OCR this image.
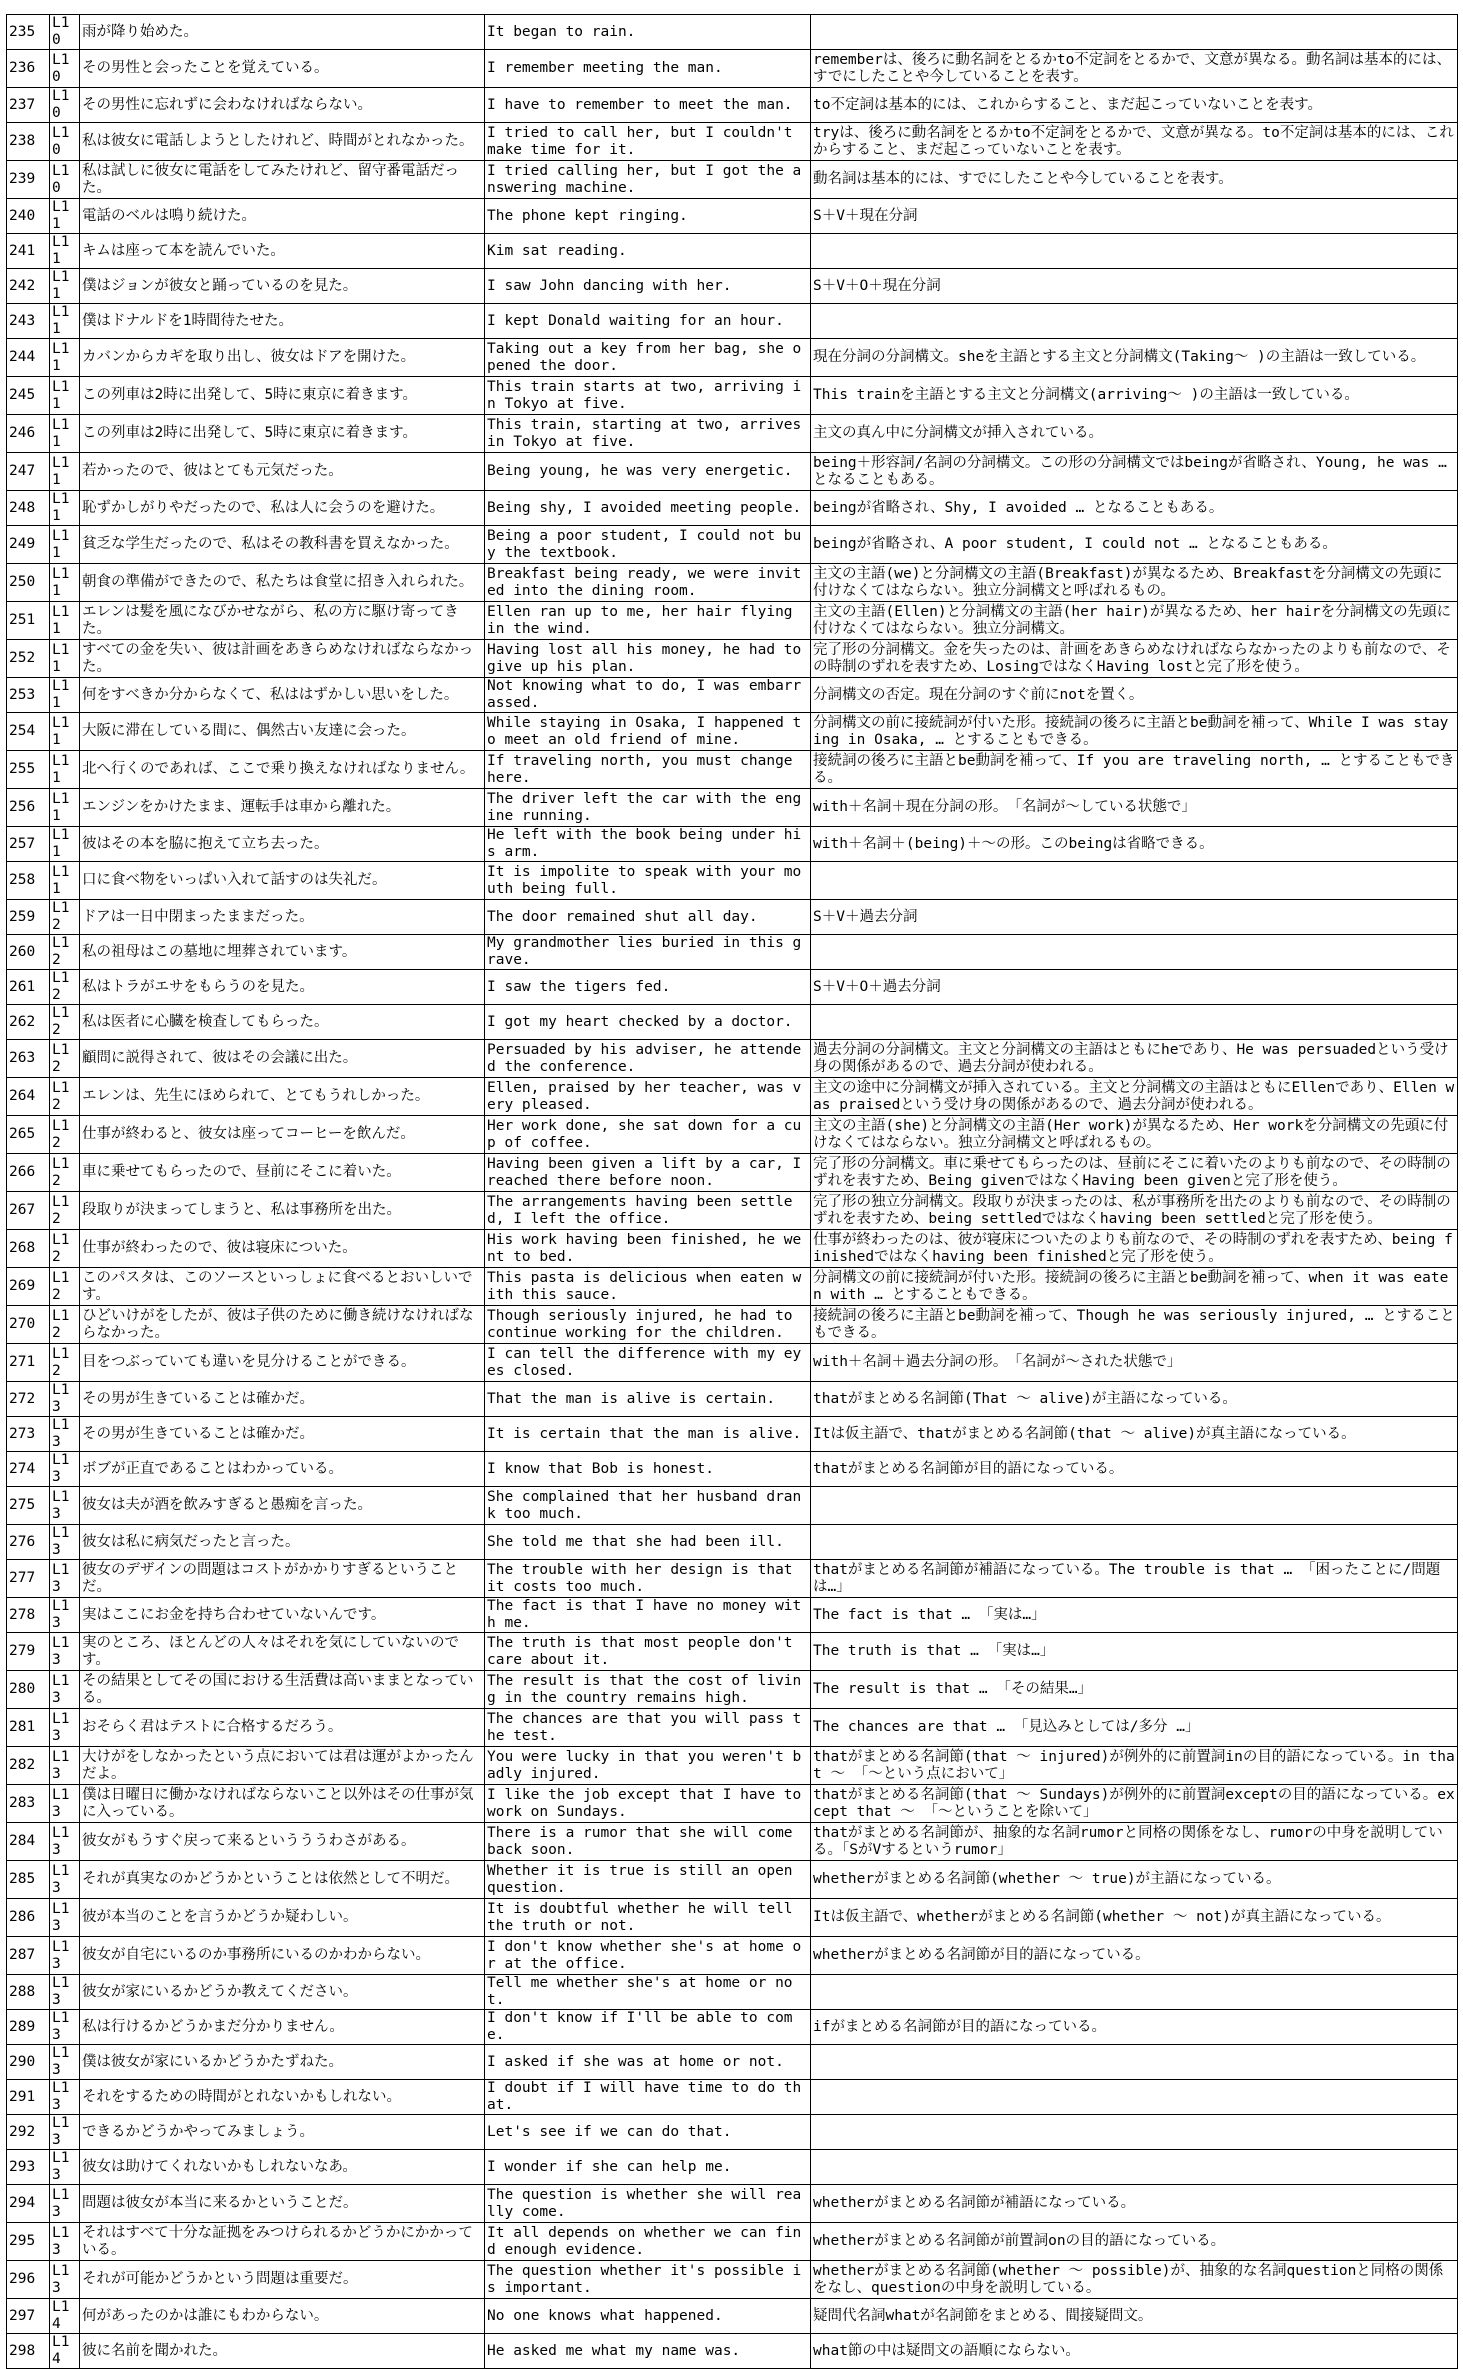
235	L10	雨が降り始めた。	It began to rain.	
236	L10	その男性と会ったことを覚えている。	I remember meeting the man.	rememberは、後ろに動名詞をとるかto不定詞をとるかで、文意が異なる。動名詞は基本的には、すでにしたことや今していることを表す。
237	L10	その男性に忘れずに会わなければならない。	I have to remember to meet the man.	to不定詞は基本的には、これからすること、まだ起こっていないことを表す。
238	L10	私は彼女に電話しようとしたけれど、時間がとれなかった。	I tried to call her, but I couldn't make time for it.	tryは、後ろに動名詞をとるかto不定詞をとるかで、文意が異なる。to不定詞は基本的には、これからすること、まだ起こっていないことを表す。
239	L10	私は試しに彼女に電話をしてみたけれど、留守番電話だった。	I tried calling her, but I got the answering machine.	動名詞は基本的には、すでにしたことや今していることを表す。
240	L11	電話のベルは鳴り続けた。	The phone kept ringing.	S＋V＋現在分詞
241	L11	キムは座って本を読んでいた。	Kim sat reading.	
242	L11	僕はジョンが彼女と踊っているのを見た。	I saw John dancing with her.	S＋V＋O＋現在分詞
243	L11	僕はドナルドを1時間待たせた。	I kept Donald waiting for an hour.	
244	L11	カバンからカギを取り出し、彼女はドアを開けた。	Taking out a key from her bag, she opened the door.	現在分詞の分詞構文。sheを主語とする主文と分詞構文(Taking～ )の主語は一致している。
245	L11	この列車は2時に出発して、5時に東京に着きます。	This train starts at two, arriving in Tokyo at five.	This trainを主語とする主文と分詞構文(arriving～ )の主語は一致している。
246	L11	この列車は2時に出発して、5時に東京に着きます。	This train, starting at two, arrives in Tokyo at five.	主文の真ん中に分詞構文が挿入されている。
247	L11	若かったので、彼はとても元気だった。	Being young, he was very energetic.	being＋形容詞/名詞の分詞構文。この形の分詞構文ではbeingが省略され、Young, he was … となることもある。
248	L11	恥ずかしがりやだったので、私は人に会うのを避けた。	Being shy, I avoided meeting people.	beingが省略され、Shy, I avoided … となることもある。
249	L11	貧乏な学生だったので、私はその教科書を買えなかった。	Being a poor student, I could not buy the textbook.	beingが省略され、A poor student, I could not … となることもある。
250	L11	朝食の準備ができたので、私たちは食堂に招き入れられた。	Breakfast being ready, we were invited into the dining room.	主文の主語(we)と分詞構文の主語(Breakfast)が異なるため、Breakfastを分詞構文の先頭に付けなくてはならない。独立分詞構文と呼ばれるもの。
251	L11	エレンは髪を風になびかせながら、私の方に駆け寄ってきた。	Ellen ran up to me, her hair flying in the wind.	主文の主語(Ellen)と分詞構文の主語(her hair)が異なるため、her hairを分詞構文の先頭に付けなくてはならない。独立分詞構文。
252	L11	すべての金を失い、彼は計画をあきらめなければならなかった。	Having lost all his money, he had to give up his plan.	完了形の分詞構文。金を失ったのは、計画をあきらめなければならなかったのよりも前なので、その時制のずれを表すため、LosingではなくHaving lostと完了形を使う。
253	L11	何をすべきか分からなくて、私ははずかしい思いをした。	Not knowing what to do, I was embarrassed.	分詞構文の否定。現在分詞のすぐ前にnotを置く。
254	L11	大阪に滞在している間に、偶然古い友達に会った。	While staying in Osaka, I happened to meet an old friend of mine.	分詞構文の前に接続詞が付いた形。接続詞の後ろに主語とbe動詞を補って、While I was staying in Osaka, … とすることもできる。
255	L11	北へ行くのであれば、ここで乗り換えなければなりません。	If traveling north, you must change here.	接続詞の後ろに主語とbe動詞を補って、If you are traveling north, … とすることもできる。
256	L11	エンジンをかけたまま、運転手は車から離れた。	The driver left the car with the engine running.	with＋名詞＋現在分詞の形。　「名詞が～している状態で」
257	L11	彼はその本を脇に抱えて立ち去った。	He left with the book being under his arm.	with＋名詞＋(being)＋～の形。このbeingは省略できる。
258	L11	口に食べ物をいっぱい入れて話すのは失礼だ。	It is impolite to speak with your mouth being full.	
259	L12	ドアは一日中閉まったままだった。	The door remained shut all day.	S＋V＋過去分詞
260	L12	私の祖母はこの墓地に埋葬されています。	My grandmother lies buried in this grave.	
261	L12	私はトラがエサをもらうのを見た。	I saw the tigers fed.	S＋V＋O＋過去分詞
262	L12	私は医者に心臓を検査してもらった。	I got my heart checked by a doctor.	
263	L12	顧問に説得されて、彼はその会議に出た。	Persuaded by his adviser, he attended the conference.	過去分詞の分詞構文。主文と分詞構文の主語はともにheであり、He was persuadedという受け身の関係があるので、過去分詞が使われる。
264	L12	エレンは、先生にほめられて、とてもうれしかった。	Ellen, praised by her teacher, was very pleased.	主文の途中に分詞構文が挿入されている。主文と分詞構文の主語はともにEllenであり、Ellen was praisedという受け身の関係があるので、過去分詞が使われる。
265	L12	仕事が終わると、彼女は座ってコーヒーを飲んだ。	Her work done, she sat down for a cup of coffee.	主文の主語(she)と分詞構文の主語(Her work)が異なるため、Her workを分詞構文の先頭に付けなくてはならない。独立分詞構文と呼ばれるもの。
266	L12	車に乗せてもらったので、昼前にそこに着いた。	Having been given a lift by a car, I reached there before noon.	完了形の分詞構文。車に乗せてもらったのは、昼前にそこに着いたのよりも前なので、その時制のずれを表すため、Being givenではなくHaving been givenと完了形を使う。
267	L12	段取りが決まってしまうと、私は事務所を出た。	The arrangements having been settled, I left the office.	完了形の独立分詞構文。段取りが決まったのは、私が事務所を出たのよりも前なので、その時制のずれを表すため、being settledではなくhaving been settledと完了形を使う。
268	L12	仕事が終わったので、彼は寝床についた。	His work having been finished, he went to bed.	仕事が終わったのは、彼が寝床についたのよりも前なので、その時制のずれを表すため、being finishedではなくhaving been finishedと完了形を使う。
269	L12	このパスタは、このソースといっしょに食べるとおいしいです。	This pasta is delicious when eaten with this sauce.	分詞構文の前に接続詞が付いた形。接続詞の後ろに主語とbe動詞を補って、when it was eaten with … とすることもできる。
270	L12	ひどいけがをしたが、彼は子供のために働き続けなければならなかった。	Though seriously injured, he had to continue working for the children.	接続詞の後ろに主語とbe動詞を補って、Though he was seriously injured, … とすることもできる。
271	L12	目をつぶっていても違いを見分けることができる。	I can tell the difference with my eyes closed.	with＋名詞＋過去分詞の形。　「名詞が～された状態で」
272	L13	その男が生きていることは確かだ。	That the man is alive is certain.	thatがまとめる名詞節(That ～ alive)が主語になっている。
273	L13	その男が生きていることは確かだ。	It is certain that the man is alive.	Itは仮主語で、thatがまとめる名詞節(that ～ alive)が真主語になっている。
274	L13	ボブが正直であることはわかっている。	I know that Bob is honest.	thatがまとめる名詞節が目的語になっている。
275	L13	彼女は夫が酒を飲みすぎると愚痴を言った。	She complained that her husband drank too much.	
276	L13	彼女は私に病気だったと言った。	She told me that she had been ill.	
277	L13	彼女のデザインの問題はコストがかかりすぎるということだ。	The trouble with her design is that it costs too much.	thatがまとめる名詞節が補語になっている。The trouble is that … 「困ったことに/問題は…」
278	L13	実はここにお金を持ち合わせていないんです。	The fact is that I have no money with me.	The fact is that … 「実は…」
279	L13	実のところ、ほとんどの人々はそれを気にしていないのです。	The truth is that most people don't care about it.	The truth is that … 「実は…」
280	L13	その結果としてその国における生活費は高いままとなっている。	The result is that the cost of living in the country remains high.	The result is that … 「その結果…」
281	L13	おそらく君はテストに合格するだろう。	The chances are that you will pass the test.	The chances are that … 「見込みとしては/多分 …」
282	L13	大けがをしなかったという点においては君は運がよかったんだよ。	You were lucky in that you weren't badly injured.	thatがまとめる名詞節(that ～ injured)が例外的に前置詞inの目的語になっている。in that ～ 「～という点において」
283	L13	僕は日曜日に働かなければならないこと以外はその仕事が気に入っている。	I like the job except that I have to work on Sundays.	thatがまとめる名詞節(that ～ Sundays)が例外的に前置詞exceptの目的語になっている。except that ～ 「～ということを除いて」
284	L13	彼女がもうすぐ戻って来るというううわさがある。	There is a rumor that she will come back soon.	thatがまとめる名詞節が、抽象的な名詞rumorと同格の関係をなし、rumorの中身を説明している。「SがVするというrumor」
285	L13	それが真実なのかどうかということは依然として不明だ。	Whether it is true is still an open question.	whetherがまとめる名詞節(whether ～ true)が主語になっている。
286	L13	彼が本当のことを言うかどうか疑わしい。	It is doubtful whether he will tell the truth or not.	Itは仮主語で、whetherがまとめる名詞節(whether ～ not)が真主語になっている。
287	L13	彼女が自宅にいるのか事務所にいるのかわからない。	I don't know whether she's at home or at the office.	whetherがまとめる名詞節が目的語になっている。
288	L13	彼女が家にいるかどうか教えてください。	Tell me whether she's at home or not.	
289	L13	私は行けるかどうかまだ分かりません。	I don't know if I'll be able to come.	ifがまとめる名詞節が目的語になっている。
290	L13	僕は彼女が家にいるかどうかたずねた。	I asked if she was at home or not.	
291	L13	それをするための時間がとれないかもしれない。	I doubt if I will have time to do that.	
292	L13	できるかどうかやってみましょう。	Let's see if we can do that.	
293	L13	彼女は助けてくれないかもしれないなあ。	I wonder if she can help me.	
294	L13	問題は彼女が本当に来るかということだ。	The question is whether she will really come.	whetherがまとめる名詞節が補語になっている。
295	L13	それはすべて十分な証拠をみつけられるかどうかにかかっている。	It all depends on whether we can find enough evidence.	whetherがまとめる名詞節が前置詞onの目的語になっている。
296	L13	それが可能かどうかという問題は重要だ。	The question whether it's possible is important.	whetherがまとめる名詞節(whether ～ possible)が、抽象的な名詞questionと同格の関係をなし、questionの中身を説明している。
297	L14	何があったのかは誰にもわからない。	No one knows what happened.	疑問代名詞whatが名詞節をまとめる、間接疑問文。
298	L14	彼に名前を聞かれた。	He asked me what my name was.	what節の中は疑問文の語順にならない。
